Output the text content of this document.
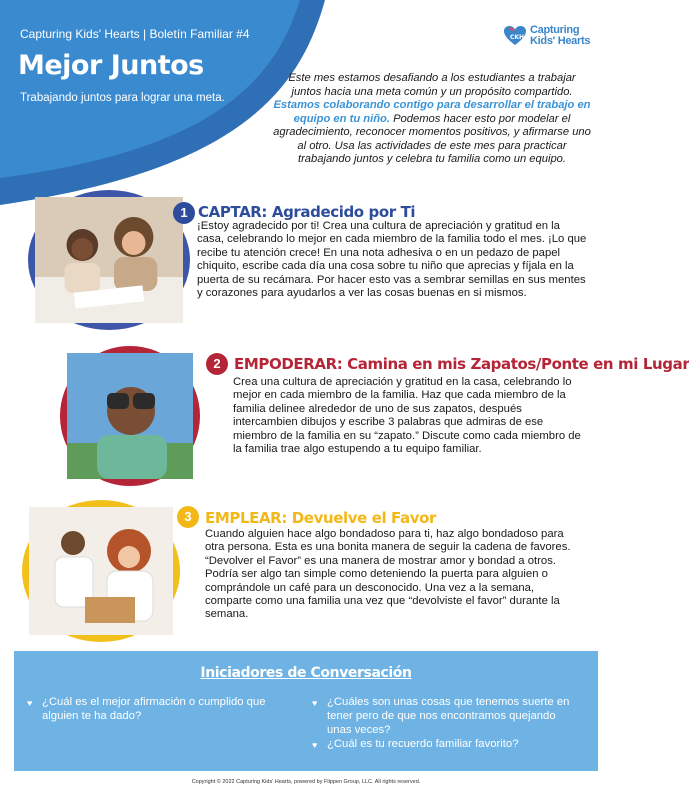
Capturing Kids' Hearts | Boletín Familiar #4
Mejor Juntos
Trabajando juntos para lograr una meta.
CKH
Capturing
Kids' Hearts
Este mes estamos desafiando a los estudiantes a trabajar juntos hacia una meta común y un propósito compartido. Estamos colaborando contigo para desarrollar el trabajo en equipo en tu niño. Podemos hacer esto por modelar el agradecimiento, reconocer momentos positivos, y afirmarse uno al otro. Usa las actividades de este mes para practicar trabajando juntos y celebra tu familia como un equipo.
1 CAPTAR: Agradecido por Ti
¡Estoy agradecido por ti! Crea una cultura de apreciación y gratitud en la casa, celebrando lo mejor en cada miembro de la familia todo el mes. ¡Lo que recibe tu atención crece! En una nota adhesiva o en un pedazo de papel chiquito, escribe cada día una cosa sobre tu niño que aprecias y fíjala en la puerta de su recámara. Por hacer esto vas a sembrar semillas en sus mentes y corazones para ayudarlos a ver las cosas buenas en si mismos.
2 EMPODERAR: Camina en mis Zapatos/Ponte en mi Lugar
Crea una cultura de apreciación y gratitud en la casa, celebrando lo mejor en cada miembro de la familia. Haz que cada miembro de la familia delinee alrededor de uno de sus zapatos, después intercambien dibujos y escribe 3 palabras que admiras de ese miembro de la familia en su “zapato.” Discute como cada miembro de la familia trae algo estupendo a tu equipo familiar.
3 EMPLEAR: Devuelve el Favor
Cuando alguien hace algo bondadoso para ti, haz algo bondadoso para otra persona. Esta es una bonita manera de seguir la cadena de favores. “Devolver el Favor” es una manera de mostrar amor y bondad a otros. Podría ser algo tan simple como deteniendo la puerta para alguien o comprándole un café para un desconocido. Una vez a la semana, comparte como una familia una vez que “devolviste el favor” durante la semana.
Iniciadores de Conversación
♥ ¿Cuál es el mejor afirmación o cumplido que alguien te ha dado?
♥ ¿Cuáles son unas cosas que tenemos suerte en tener pero de que nos encontramos quejando unas veces?
♥ ¿Cuál es tu recuerdo familiar favorito?
Copyright © 2022 Capturing Kids' Hearts, powered by Flippen Group, LLC. All rights reserved.
